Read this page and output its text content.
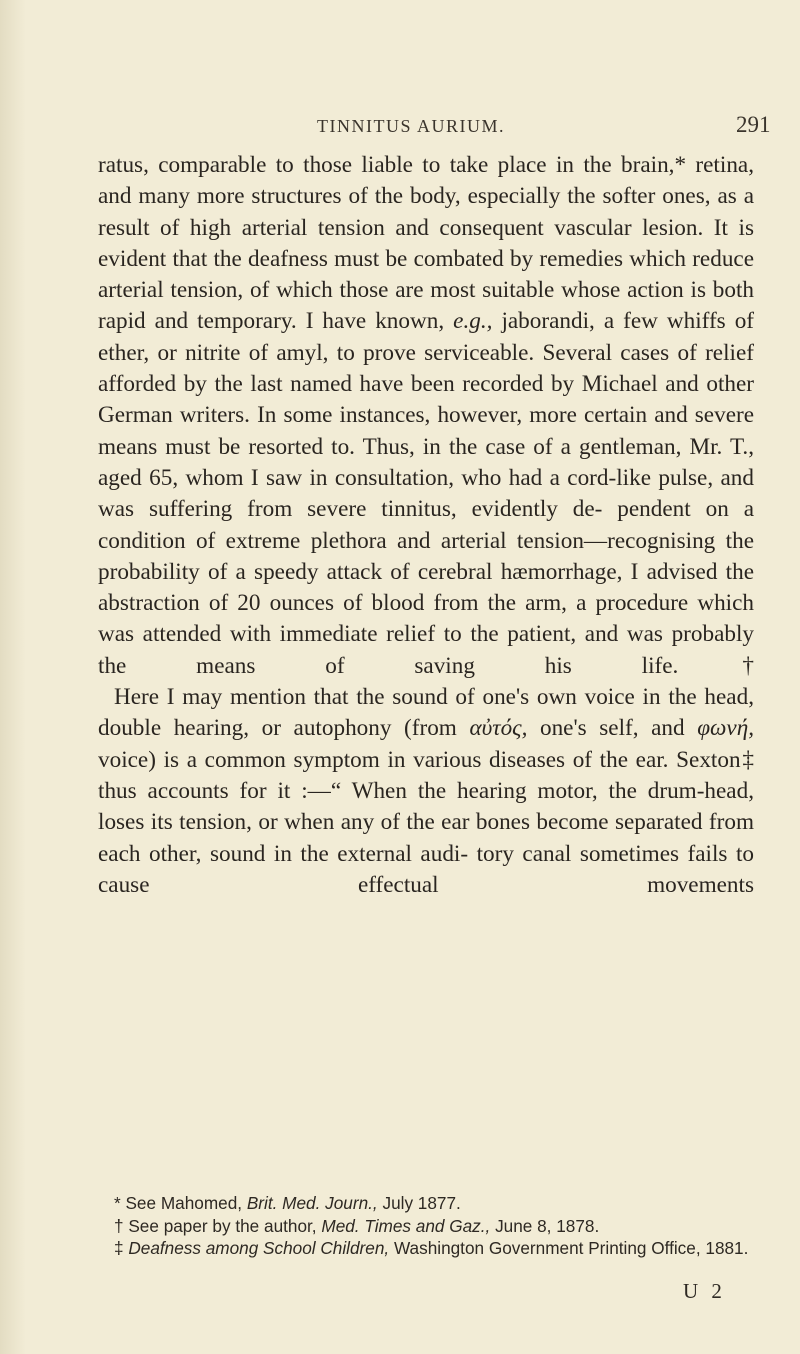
TINNITUS AURIUM.	291

ratus, comparable to those liable to take place in the brain,* retina, and many more structures of the body, especially the softer ones, as a result of high arterial tension and consequent vascular lesion. It is evident that the deafness must be combated by remedies which reduce arterial tension, of which those are most suitable whose action is both rapid and temporary. I have known, e.g., jaborandi, a few whiffs of ether, or nitrite of amyl, to prove serviceable. Several cases of relief afforded by the last named have been recorded by Michael and other German writers. In some instances, however, more certain and severe means must be resorted to. Thus, in the case of a gentleman, Mr. T., aged 65, whom I saw in consultation, who had a cord-like pulse, and was suffering from severe tinnitus, evidently de- pendent on a condition of extreme plethora and arterial tension—recognising the probability of a speedy attack of cerebral hæmorrhage, I advised the abstraction of 20 ounces of blood from the arm, a procedure which was attended with immediate relief to the patient, and was probably the means of saving his life.†

Here I may mention that the sound of one's own voice in the head, double hearing, or autophony (from αὐτός, one's self, and φωνή, voice) is a common symptom in various diseases of the ear. Sexton‡ thus accounts for it :—“ When the hearing motor, the drum-head, loses its tension, or when any of the ear bones become separated from each other, sound in the external audi- tory canal sometimes fails to cause effectual movements

* See Mahomed, Brit. Med. Journ., July 1877.

† See paper by the author, Med. Times and Gaz., June 8, 1878.

‡ Deafness among School Children, Washington Government Printing Office, 1881.

U 2
